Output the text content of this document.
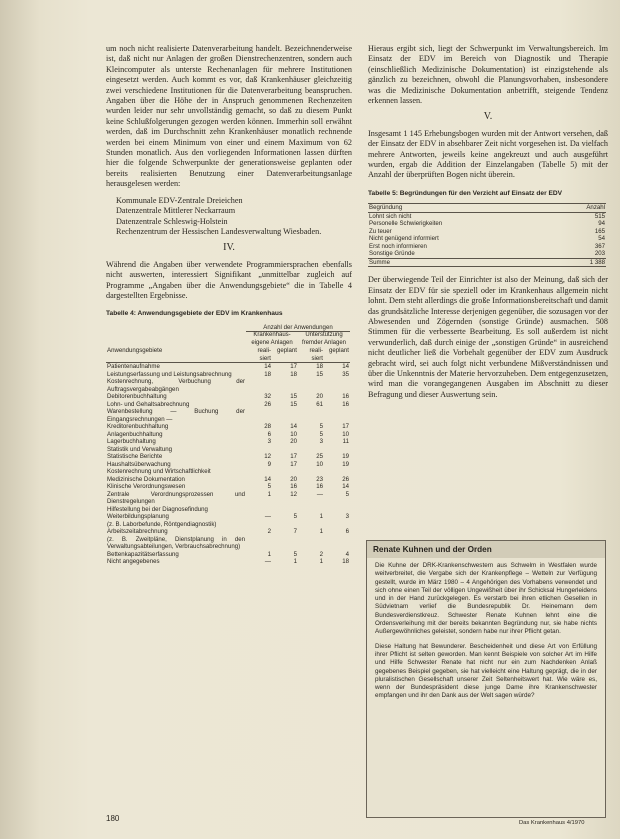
um noch nicht realisierte Datenverarbeitung handelt. Bezeichnenderweise ist, daß nicht nur Anlagen der großen Dienstrechenzentren, sondern auch Kleincomputer als unterste Rechenanlagen für mehrere Institutionen eingesetzt werden. Auch kommt es vor, daß Krankenhäuser gleichzeitig zwei verschiedene Institutionen für die Datenverarbeitung beanspruchen. Angaben über die Höhe der in Anspruch genommenen Rechenzeiten wurden leider nur sehr unvollständig gemacht, so daß zu diesem Punkt keine Schlußfolgerungen gezogen werden können. Immerhin soll erwähnt werden, daß im Durchschnitt zehn Krankenhäuser monatlich rechnende werden bei einem Minimum von einer und einem Maximum von 62 Stunden monatlich. Aus den vorliegenden Informationen lassen dürften hier die folgende Schwerpunkte der generationsweise geplanten oder bereits realisierten Benutzung einer Datenverarbeitungsanlage herausgelesen werden:

Kommunale EDV-Zentrale Dreieichen
Datenzentrale Mittlerer Neckarraum
Datenzentrale Schleswig-Holstein
Rechenzentrum der Hessischen Landesverwaltung Wiesbaden.
IV.

Während die Angaben über verwendete Programmiersprachen ebenfalls nicht auswerten, interessiert Signifikant „unmittelbar zugleich auf Programme „Angaben über die Anwendungsgebiete“ die in Tabelle 4 dargestellten Ergebnisse.

Tabelle 4: Anwendungsgebiete der EDV im Krankenhaus
	Anzahl der Anwendungen			
	Krankenhaus-eigene Anlagen		Unterstützung fremder Anlagen	
Anwendungsgebiete	reali-siert	geplant	reali-siert	geplant
Patientenaufnahme	14	17	18	14
Leistungserfassung und Leistungsabrechnung	18	18	15	35
Kostenrechnung, Verbuchung der Auftragsvergabeabgängen				
Debitorenbuchhaltung	32	15	20	16
Lohn- und Gehaltsabrechnung	26	15	61	16
Warenbestellung — Buchung der Eingangsrechnungen —				
Kreditorenbuchhaltung	28	14	5	17
Anlagenbuchhaltung	6	10	5	10
Lagerbuchhaltung	3	20	3	11
Statistik und Verwaltung				
Statistische Berichte	12	17	25	19
Haushaltsüberwachung	9	17	10	19
Kostenrechnung und Wirtschaftlichkeit				
Medizinische Dokumentation	14	20	23	26
Klinische Verordnungswesen	5	16	16	14
Zentrale Verordnungsprozessen und Dienstregelungen	1	12	—	5
Hilfestellung bei der Diagnosefindung				
Weiterbildungsplanung	—	5	1	3
(z. B. Laborbefunde, Röntgendiagnostik)				
Arbeitszeitabrechnung	2	7	1	6
(z. B. Zweitpläne, Dienstplanung in den Verwaltungsabteilungen, Verbrauchsabrechnung)				
Bettenkapazitätserfassung	1	5	2	4
Nicht angegebenes	—	1	1	18

Hieraus ergibt sich, liegt der Schwerpunkt im Verwaltungsbereich. Im Einsatz der EDV im Bereich von Diagnostik und Therapie (einschließlich Medizinische Dokumentation) ist einzigstehende als gänzlich zu bezeichnen, obwohl die Planungsvorhaben, insbesondere was die Medizinische Dokumentation anbetrifft, steigende Tendenz erkennen lassen.

V.

Insgesamt 1 145 Erhebungsbogen wurden mit der Antwort versehen, daß der Einsatz der EDV in absehbarer Zeit nicht vorgesehen ist. Da vielfach mehrere Antworten, jeweils keine angekreuzt und auch ausgeführt wurden, ergab die Addition der Einzelangaben (Tabelle 5) mit der Anzahl der überprüften Bogen nicht überein.

Tabelle 5: Begründungen für den Verzicht auf Einsatz der EDV
Begründung	Anzahl
Lohnt sich nicht	515
Personelle Schwierigkeiten	94
Zu teuer	165
Nicht genügend informiert	54
Erst noch informieren	367
Sonstige Gründe	203
Summe	1 388

Der überwiegende Teil der Einrichter ist also der Meinung, daß sich der Einsatz der EDV für sie speziell oder im Krankenhaus allgemein nicht lohnt. Dem steht allerdings die große Informationsbereitschaft und damit das grundsätzliche Interesse derjenigen gegenüber, die sozusagen vor der Abwesenden und Zögernden (sonstige Gründe) ausmachen. 508 Stimmen für die verbesserte Bearbeitung. Es soll außerdem ist nicht verwunderlich, daß durch einige der „sonstigen Gründe“ in ausreichend nicht deutlicher ließ die Vorbehalt gegenüber der EDV zum Ausdruck gebracht wird, sei auch folgt nicht verbundene Mißverständnissen und über die Unkenntnis der Materie hervorzuheben. Dem entgegenzusetzen, wird man die vorangegangenen Ausgaben im Abschnitt zu dieser Befragung und dieser Auswertung sein.

Renate Kuhnen und der Orden

Die Kuhne der DRK-Krankenschwestern aus Schwelm in Westfalen wurde weitverbreitet, die Vergabe sich der Krankenpflege – Wetteln zur Verfügung gestellt, wurde im März 1980 – 4 Angehörigen des Vorhabens verwendet und sich ohne einen Teil der völligen Ungewißheit über ihr Schicksal Hungerleidens und in der Hand zurückgelegen. Es verstarb bei ihren etlichen Gesellen in Südvietnam verlief die Bundesrepublik Dr. Heinemann dem Bundesverdienstkreuz. Schwester Renate Kuhnen lehnt eine die Ordensverleihung mit der bereits bekannten Begründung nur, sie habe nichts Außergewöhnliches geleistet, sondern habe nur ihrer Pflicht getan.

Diese Haltung hat Bewunderer. Bescheidenheit und diese Art von Erfüllung ihrer Pflicht ist selten geworden. Man kennt Beispiele von solcher Art im Hilfe und Hilfe Schwester Renate hat nicht nur ein zum Nachdenken Anlaß gegebenes Beispiel gegeben, sie hat vielleicht eine Haltung geprägt, die in der pluralistischen Gesellschaft unserer Zeit Seltenheitswert hat. Wie wäre es, wenn der Bundespräsident diese junge Dame ihre Krankenschwester empfangen und ihr den Dank aus der Welt sagen würde?

180	Das Krankenhaus 4/1970
